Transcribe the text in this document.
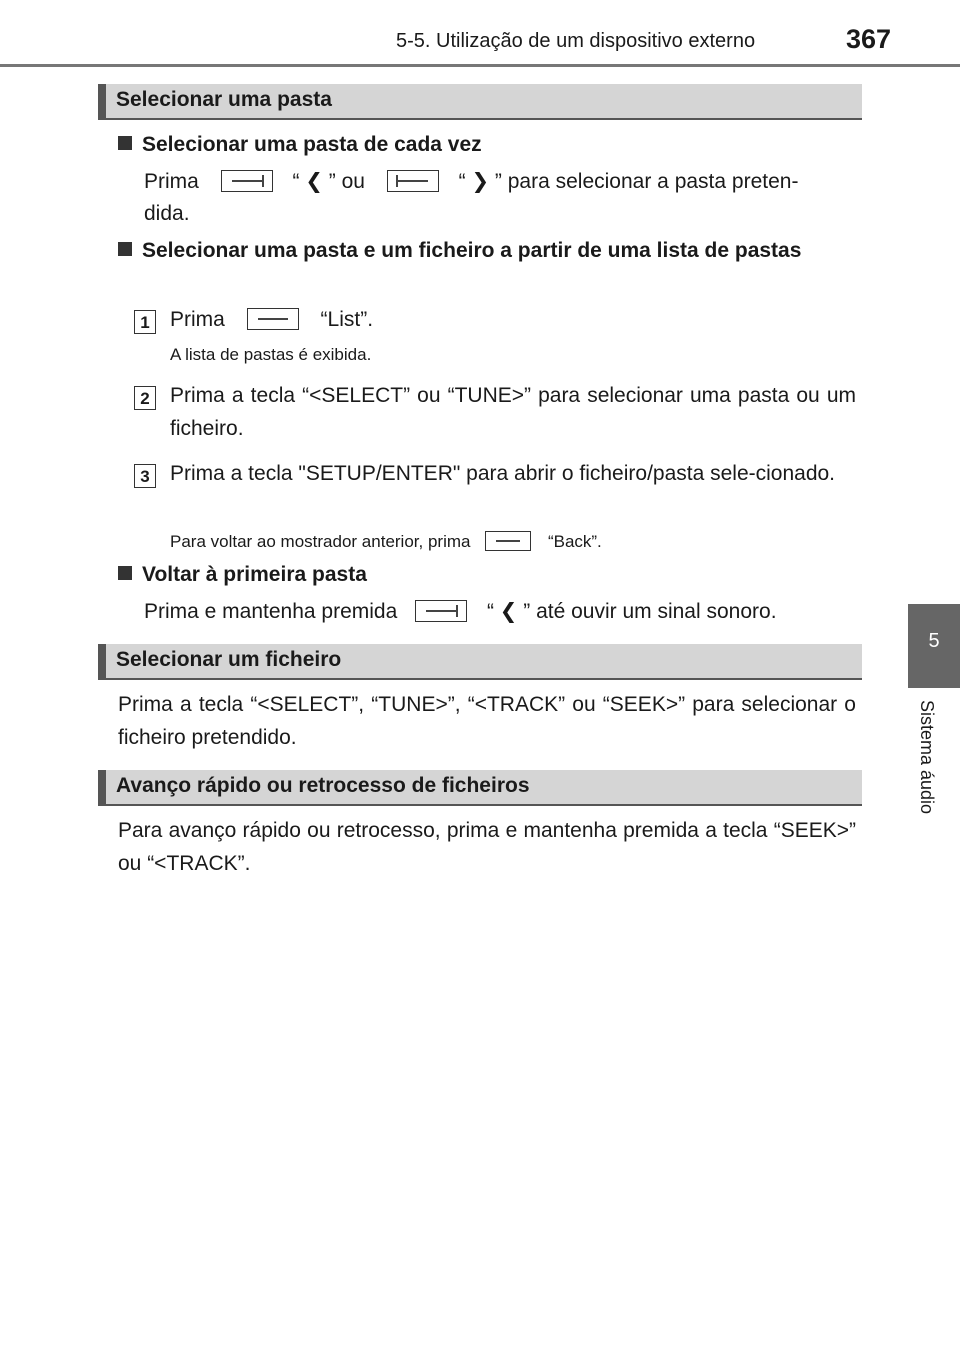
5-5. Utilização de um dispositivo externo	367
5
Sistema áudio
Selecionar uma pasta
Selecionar uma pasta de cada vez
Prima	“ ❮ ” ou	“ ❯ ” para selecionar a pasta preten-
dida.
Selecionar uma pasta e um ficheiro a partir de uma lista de pastas
1 Prima	“List”.
A lista de pastas é exibida.
2 Prima a tecla “<SELECT” ou “TUNE>” para selecionar uma pasta ou um ficheiro.
3 Prima a tecla "SETUP/ENTER" para abrir o ficheiro/pasta sele-cionado.
Para voltar ao mostrador anterior, prima	“Back”.
Voltar à primeira pasta
Prima e mantenha premida	“ ❮ ” até ouvir um sinal sonoro.
Selecionar um ficheiro
Prima a tecla “<SELECT”, “TUNE>”, “<TRACK” ou “SEEK>” para selecionar o ficheiro pretendido.
Avanço rápido ou retrocesso de ficheiros
Para avanço rápido ou retrocesso, prima e mantenha premida a tecla “SEEK>” ou “<TRACK”.
